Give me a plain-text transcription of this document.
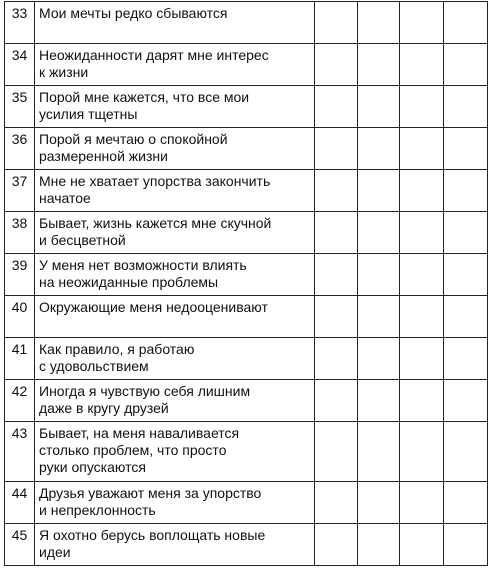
33	Мои мечты редко сбываются				

34	Неожиданности дарят мне интерес
к жизни				

35	Порой мне кажется, что все мои
усилия тщетны				

36	Порой я мечтаю о спокойной
размеренной жизни				

37	Мне не хватает упорства закончить
начатое				

38	Бывает, жизнь кажется мне скучной
и бесцветной				

39	У меня нет возможности влиять
на неожиданные проблемы				

40	Окружающие меня недооценивают				

41	Как правило, я работаю
с удовольствием				

42	Иногда я чувствую себя лишним
даже в кругу друзей				

43	Бывает, на меня наваливается
столько проблем, что просто
руки опускаются				

44	Друзья уважают меня за упорство
и непреклонность				

45	Я охотно берусь воплощать новые
идеи				
